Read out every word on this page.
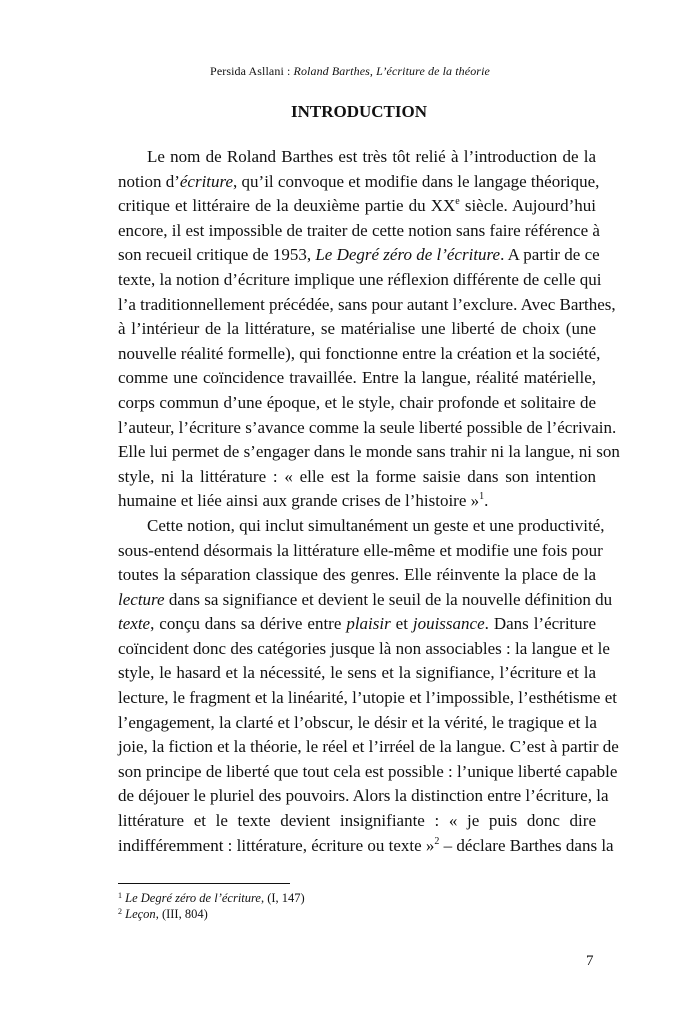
Persida Asllani : Roland Barthes, L’écriture de la théorie
INTRODUCTION
Le nom de Roland Barthes est très tôt relié à l’introduction de la
notion d’écriture, qu’il convoque et modifie dans le langage théorique,
critique et littéraire de la deuxième partie du XXe siècle. Aujourd’hui
encore, il est impossible de traiter de cette notion sans faire référence à
son recueil critique de 1953, Le Degré zéro de l’écriture. A partir de ce
texte, la notion d’écriture implique une réflexion différente de celle qui
l’a traditionnellement précédée, sans pour autant l’exclure. Avec Barthes,
à l’intérieur de la littérature, se matérialise une liberté de choix (une
nouvelle réalité formelle), qui fonctionne entre la création et la société,
comme une coïncidence travaillée. Entre la langue, réalité matérielle,
corps commun d’une époque, et le style, chair profonde et solitaire de
l’auteur, l’écriture s’avance comme la seule liberté possible de l’écrivain.
Elle lui permet de s’engager dans le monde sans trahir ni la langue, ni son
style, ni la littérature : « elle est la forme saisie dans son intention
humaine et liée ainsi aux grande crises de l’histoire »$^1$.
Cette notion, qui inclut simultanément un geste et une productivité,
sous-entend désormais la littérature elle-même et modifie une fois pour
toutes la séparation classique des genres. Elle réinvente la place de la
lecture dans sa signifiance et devient le seuil de la nouvelle définition du
texte, conçu dans sa dérive entre plaisir et jouissance. Dans l’écriture
coïncident donc des catégories jusque là non associables : la langue et le
style, le hasard et la nécessité, le sens et la signifiance, l’écriture et la
lecture, le fragment et la linéarité, l’utopie et l’impossible, l’esthétisme et
l’engagement, la clarté et l’obscur, le désir et la vérité, le tragique et la
joie, la fiction et la théorie, le réel et l’irréel de la langue. C’est à partir de
son principe de liberté que tout cela est possible : l’unique liberté capable
de déjouer le pluriel des pouvoirs. Alors la distinction entre l’écriture, la
littérature et le texte devient insignifiante : « je puis donc dire
indifféremment : littérature, écriture ou texte »$^2$ – déclare Barthes dans la
$^1$ Le Degré zéro de l’écriture, (I, 147)
$^2$ Leçon, (III, 804)
7
